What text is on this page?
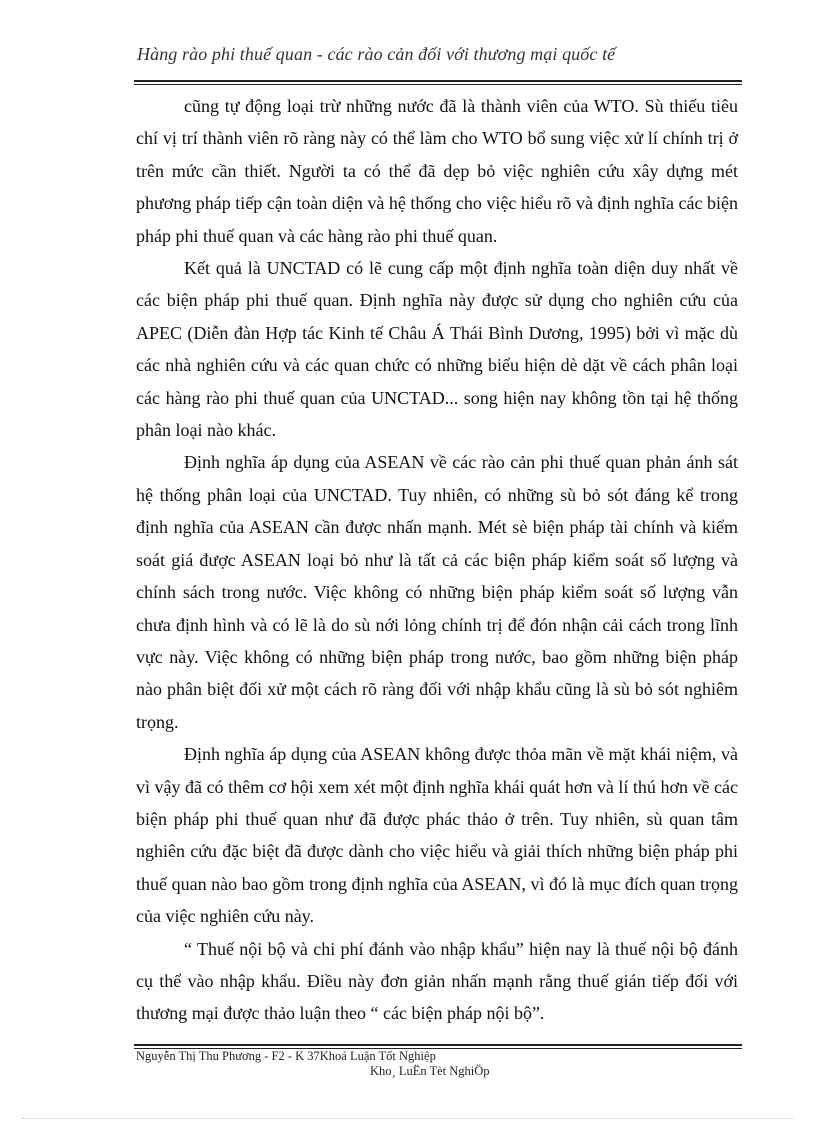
Hàng rào phi thuế quan - các rào cản đối với thương mại quốc tế

cũng tự động loại trừ những nước đã là thành viên của WTO. Sù thiếu tiêu chí vị trí thành viên rõ ràng này có thể làm cho WTO bổ sung việc xử lí chính trị ở trên mức cần thiết. Người ta có thể đã dẹp bỏ việc nghiên cứu xây dựng mét phương pháp tiếp cận toàn diện và hệ thống cho việc hiểu rõ và định nghĩa các biện pháp phi thuế quan và các hàng rào phi thuế quan.

Kết quả là UNCTAD có lẽ cung cấp một định nghĩa toàn diện duy nhất về các biện pháp phi thuế quan. Định nghĩa này được sử dụng cho nghiên cứu của APEC (Diễn đàn Hợp tác Kinh tế Châu Á Thái Bình Dương, 1995) bởi vì mặc dù các nhà nghiên cứu và các quan chức có những biểu hiện dè dặt về cách phân loại các hàng rào phi thuế quan của UNCTAD... song hiện nay không tồn tại hệ thống phân loại nào khác.

Định nghĩa áp dụng của ASEAN về các rào cản phi thuế quan phản ánh sát hệ thống phân loại của UNCTAD. Tuy nhiên, có những sù bỏ sót đáng kể trong định nghĩa của ASEAN cần được nhấn mạnh. Mét sè biện pháp tài chính và kiểm soát giá được ASEAN loại bỏ như là tất cả các biện pháp kiểm soát số lượng và chính sách trong nước. Việc không có những biện pháp kiểm soát số lượng vẫn chưa định hình và có lẽ là do sù nới lỏng chính trị để đón nhận cải cách trong lĩnh vực này. Việc không có những biện pháp trong nước, bao gồm những biện pháp nào phân biệt đối xử một cách rõ ràng đối với nhập khẩu cũng là sù bỏ sót nghiêm trọng.

Định nghĩa áp dụng của ASEAN không được thỏa mãn về mặt khái niệm, và vì vậy đã có thêm cơ hội xem xét một định nghĩa khái quát hơn và lí thú hơn về các biện pháp phi thuế quan như đã được phác thảo ở trên. Tuy nhiên, sù quan tâm nghiên cứu đặc biệt đã được dành cho việc hiểu và giải thích những biện pháp phi thuế quan nào bao gồm trong định nghĩa của ASEAN, vì đó là mục đích quan trọng của việc nghiên cứu này.

“ Thuế nội bộ và chi phí đánh vào nhập khẩu” hiện nay là thuế nội bộ đánh cụ thể vào nhập khẩu. Điều này đơn giản nhấn mạnh rằng thuế gián tiếp đối với thương mại được thảo luận theo “ các biện pháp nội bộ”.

Nguyễn Thị Thu Phương - F2 - K 37Khoá Luận Tốt Nghiệp
Kho¸ LuËn Tèt NghiÖp
